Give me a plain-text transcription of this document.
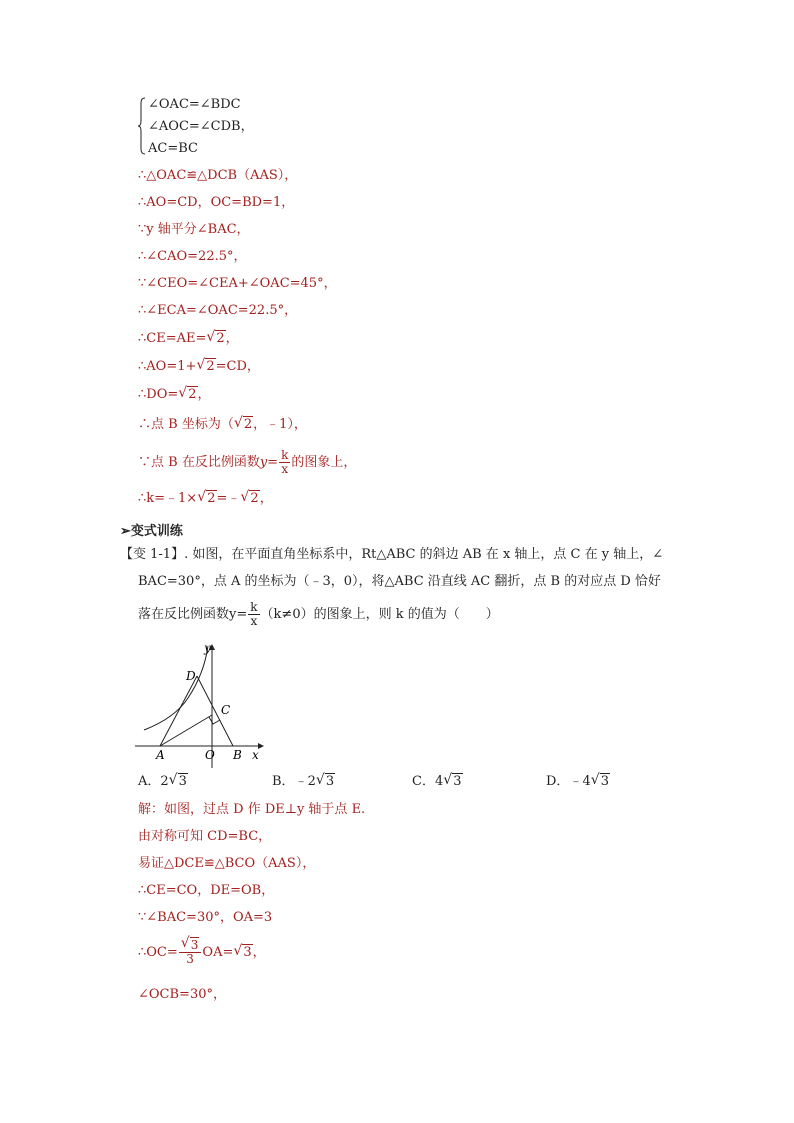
∠OAC=∠BDC
∠AOC=∠CDB，
AC=BC
∴△OAC≌△DCB（AAS），
∴AO=CD，OC=BD=1，
∵y 轴平分∠BAC，
∴∠CAO=22.5°，
∵∠CEO=∠CEA+∠OAC=45°，
∴∠ECA=∠OAC=22.5°，
∴CE=AE=√ 2，
∴AO=1+√ 2=CD，
∴DO=√ 2，
∴点 B 坐标为（√ 2，﹣1），
∵点 B 在反比例函数$y= \frac{k}{x}$ 的图象上，
∴k=﹣1×√ 2=﹣√ 2，
➢变式训练
【变 1-1】. 如图，在平面直角坐标系中，Rt△ABC 的斜边 AB 在 x 轴上，点 C 在 y 轴上，∠
BAC=30°，点 A 的坐标为（﹣3，0），将△ABC 沿直线 AC 翻折，点 B 的对应点 D 恰好
落在反比例函数$y= \frac{k}{x} (k\ne 0)$的图象上，则 k 的值为（　　）
y
D
C
A	O B x
A．2√ 3	B．﹣2√ 3	C．4√ 3	D．﹣4√ 3
解：如图，过点 D 作 DE⊥y 轴于点 E.
由对称可知 CD=BC，
易证△DCE≌△BCO（AAS），
∴CE=CO，DE=OB，
∵∠BAC=30°，OA=3
∴OC=
√ $\frac{3}{3} OA=√$ 3，
∠OCB=30°，
